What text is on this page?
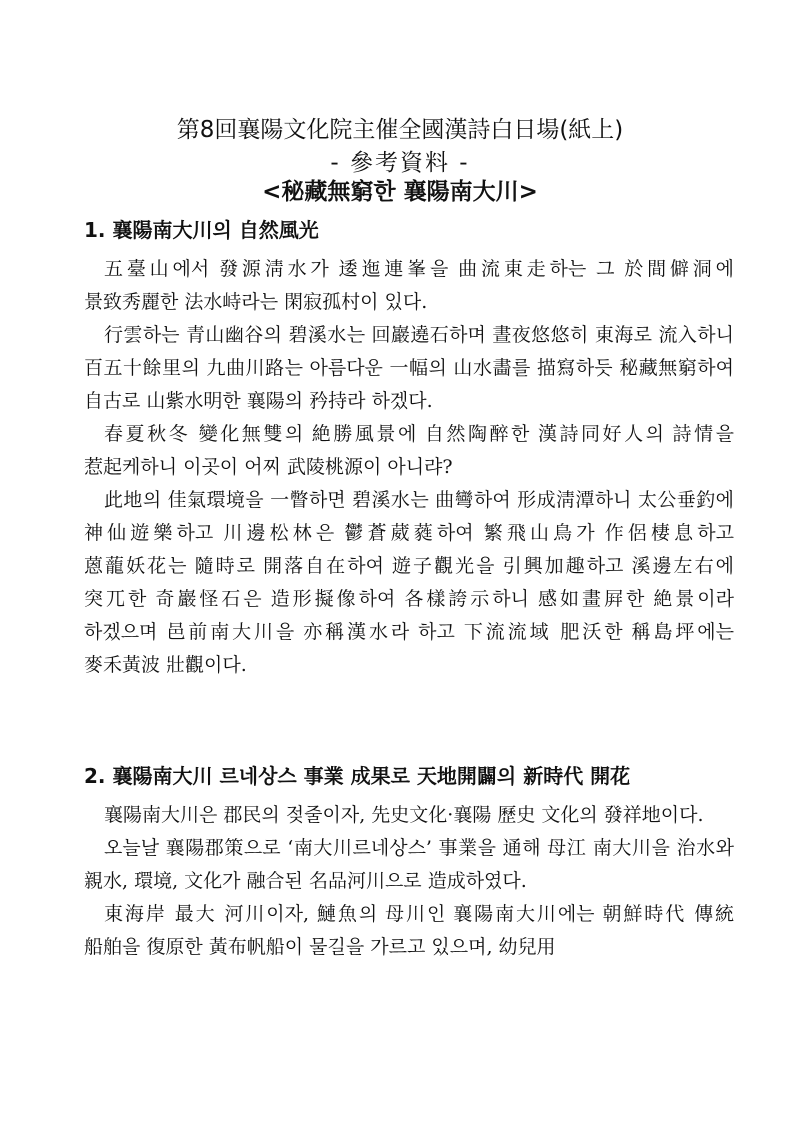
第8回襄陽文化院主催全國漢詩白日場(紙上)
- 參考資料 -
<秘藏無窮한 襄陽南大川>
1. 襄陽南大川의 自然風光

五臺山에서 發源淸水가 逶迤連峯을 曲流東走하는 그 於間僻洞에 景致秀麗한 法水峙라는 閑寂孤村이 있다.

行雲하는 青山幽谷의 碧溪水는 回巖遶石하며 晝夜悠悠히 東海로 流入하니 百五十餘里의 九曲川路는 아름다운 一幅의 山水畵를 描寫하듯 秘藏無窮하여 自古로 山紫水明한 襄陽의 矜持라 하겠다.

春夏秋冬 變化無雙의 絶勝風景에 自然陶醉한 漢詩同好人의 詩情을 惹起케하니 이곳이 어찌 武陵桃源이 아니랴?

此地의 佳氣環境을 一瞥하면 碧溪水는 曲彎하여 形成淸潭하니 太公垂釣에 神仙遊樂하고 川邊松林은 鬱蒼葳蕤하여 繁飛山鳥가 作侶棲息하고 蒽蘢妖花는 隨時로 開落自在하여 遊子觀光을 引興加趣하고 溪邊左右에 突兀한 奇巖怪石은 造形擬像하여 各樣誇示하니 感如畫屛한 絶景이라 하겠으며 邑前南大川을 亦稱漢水라 하고 下流流域 肥沃한 稱島坪에는 麥禾黃波 壯觀이다.

2. 襄陽南大川 르네상스 事業 成果로 天地開闢의 新時代 開花

襄陽南大川은 郡民의 젖줄이자, 先史文化·襄陽 歷史 文化의 發祥地이다.

오늘날 襄陽郡策으로 ‘南大川르네상스’ 事業을 通해 母江 南大川을 治水와 親水, 環境, 文化가 融合된 名品河川으로 造成하였다.

東海岸 最大 河川이자, 鰱魚의 母川인 襄陽南大川에는 朝鮮時代 傳統 船舶을 復原한 黃布帆船이 물길을 가르고 있으며, 幼兒用
